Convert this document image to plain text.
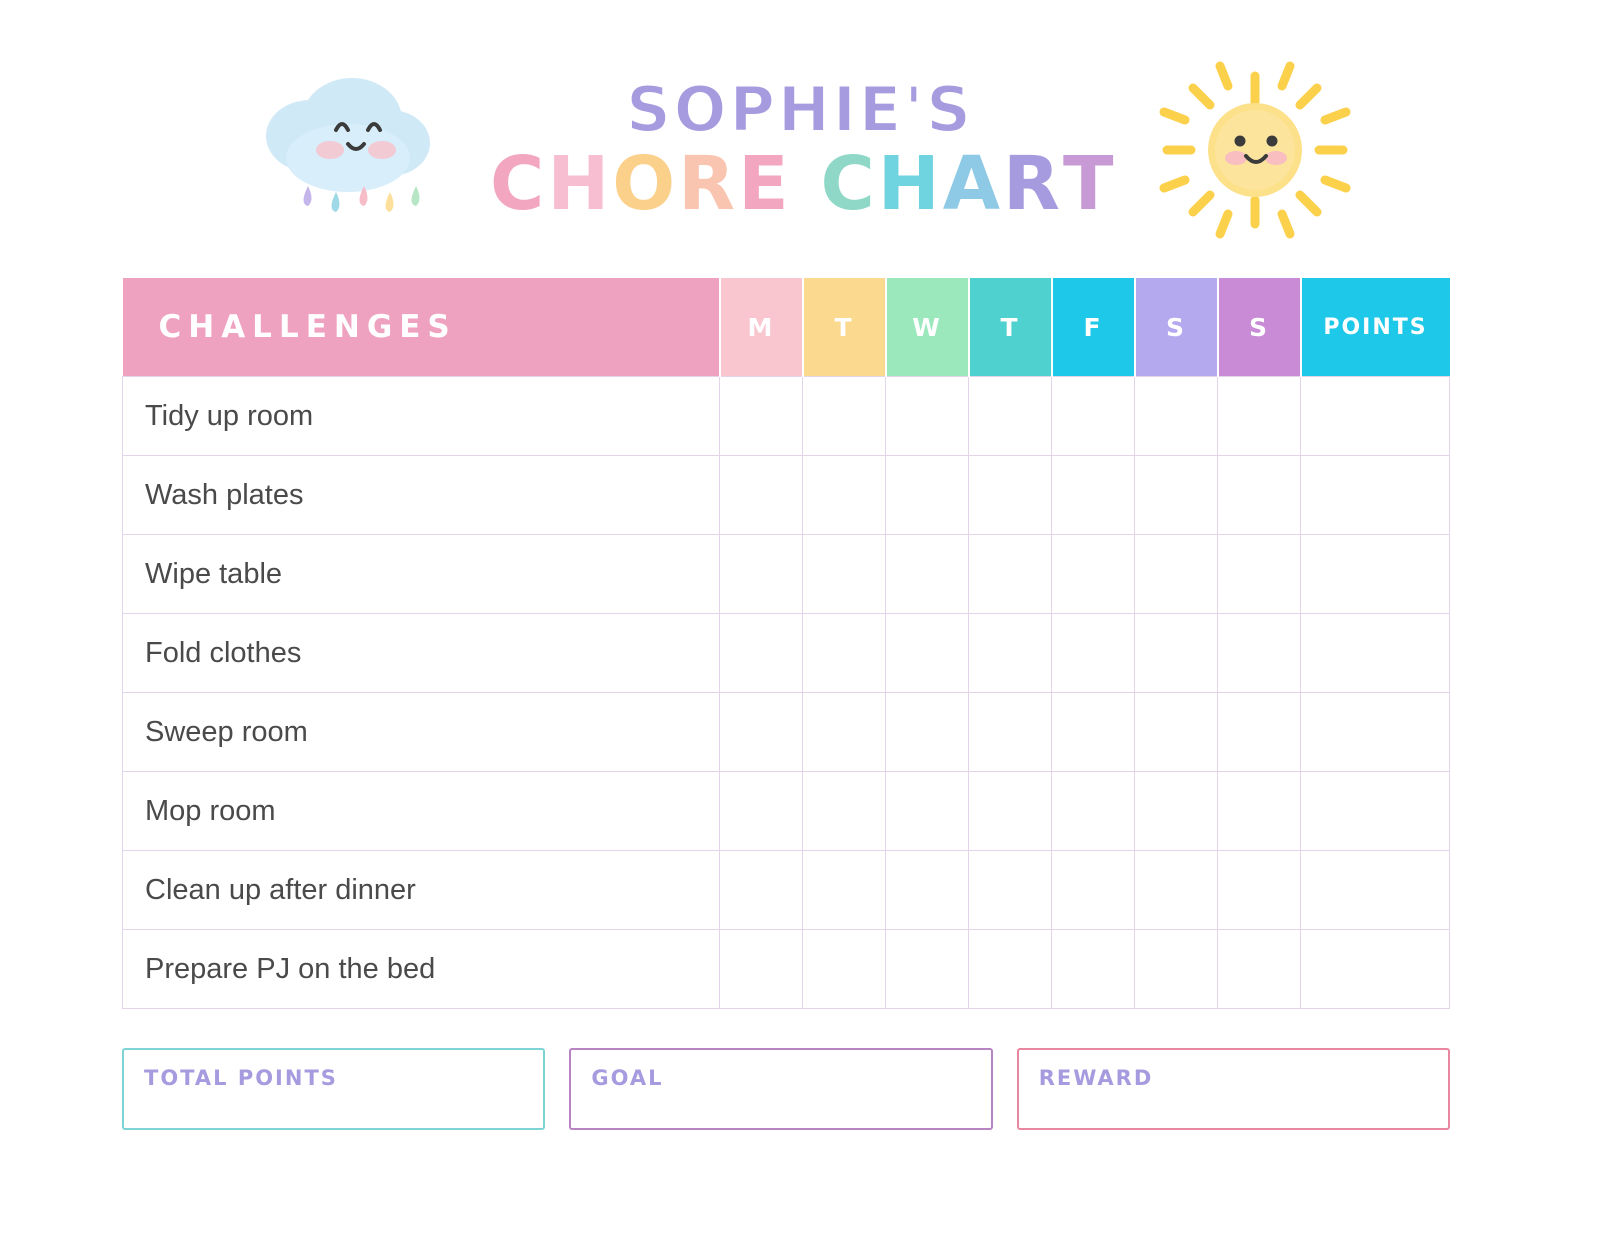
SOPHIE'S
CHORE CHART
CHALLENGES	M	T	W	T	F	S	S	POINTS
Tidy up room								
Wash plates								
Wipe table								
Fold clothes								
Sweep room								
Mop room								
Clean up after dinner								
Prepare PJ on the bed								
TOTAL POINTS	GOAL	REWARD
